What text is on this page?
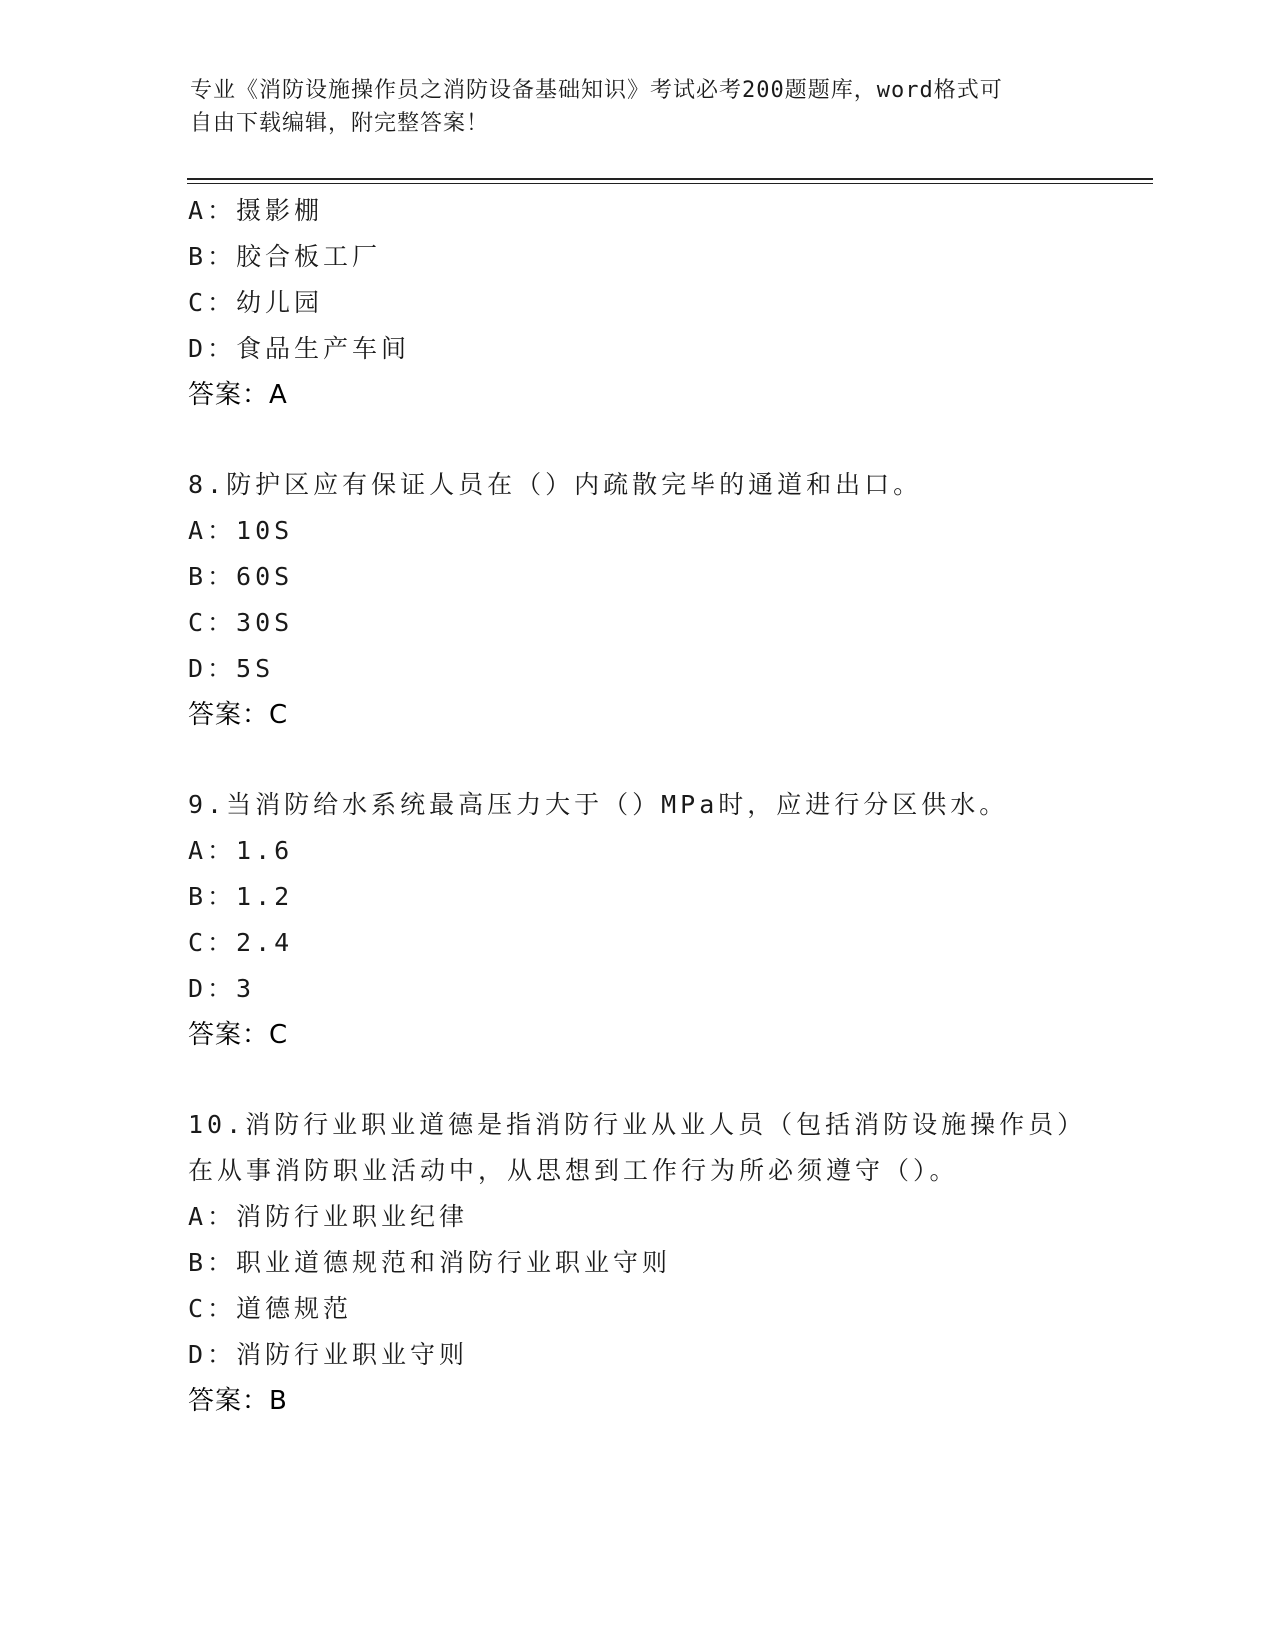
专业《消防设施操作员之消防设备基础知识》考试必考200题题库，word格式可
自由下载编辑，附完整答案！
A：摄影棚
B：胶合板工厂
C：幼儿园
D：食品生产车间
答案：A
8.防护区应有保证人员在（）内疏散完毕的通道和出口。
A：10S
B：60S
C：30S
D：5S
答案：C
9.当消防给水系统最高压力大于（）MPa时，应进行分区供水。
A：1.6
B：1.2
C：2.4
D：3
答案：C
10.消防行业职业道德是指消防行业从业人员（包括消防设施操作员）
在从事消防职业活动中，从思想到工作行为所必须遵守（）。
A：消防行业职业纪律
B：职业道德规范和消防行业职业守则
C：道德规范
D：消防行业职业守则
答案：B
